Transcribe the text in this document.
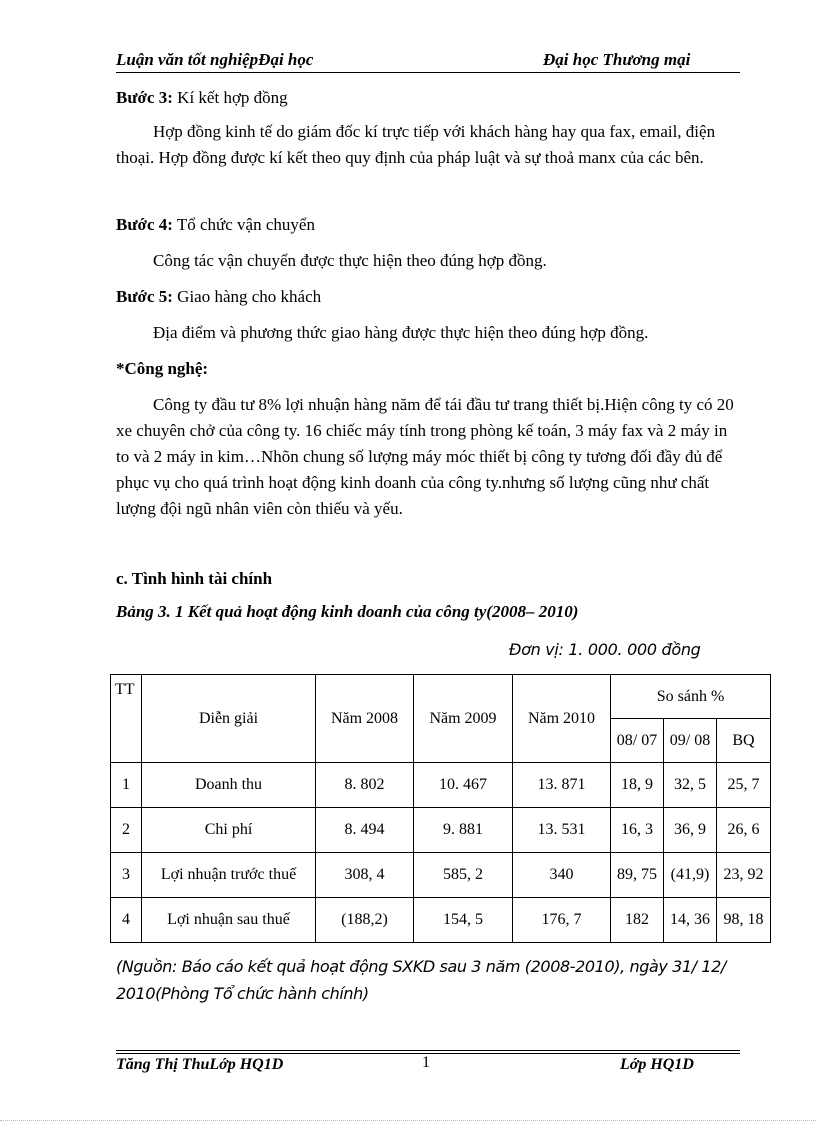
Luận văn tốt nghiệpĐại học	Đại học Thương mại

Bước 3: Kí kết hợp đồng

Hợp đồng kinh tế do giám đốc kí trực tiếp với khách hàng hay qua fax, email, điện thoại. Hợp đồng được kí kết theo quy định của pháp luật và sự thoả manx của các bên.

Bước 4: Tổ chức vận chuyển

Công tác vận chuyển được thực hiện theo đúng hợp đồng.

Bước 5: Giao hàng cho khách

Địa điểm và phương thức giao hàng được thực hiện theo đúng hợp đồng.

*Công nghệ:

Công ty đầu tư 8% lợi nhuận hàng năm để tái đầu tư trang thiết bị.Hiện công ty có 20 xe chuyên chở của công ty. 16 chiếc máy tính trong phòng kế toán, 3 máy fax và 2 máy in to và 2 máy in kim…Nhõn chung số lượng máy móc thiết bị công ty tương đối đầy đủ để phục vụ cho quá trình hoạt động kinh doanh của công ty.nhưng số lượng cũng như chất lượng đội ngũ nhân viên còn thiếu và yếu.

c. Tình hình tài chính

Bảng 3. 1 Kết quả hoạt động kinh doanh của công ty(2008– 2010)
Đơn vị: 1. 000. 000 đồng
TT	Diễn giải	Năm 2008	Năm 2009	Năm 2010	So sánh %		
					08/ 07	09/ 08	BQ
1	Doanh thu	8. 802	10. 467	13. 871	18, 9	32, 5	25, 7
2	Chi phí	8. 494	9. 881	13. 531	16, 3	36, 9	26, 6
3	Lợi nhuận trước thuế	308, 4	585, 2	340	89, 75	(41,9)	23, 92
4	Lợi nhuận sau thuế	(188,2)	154, 5	176, 7	182	14, 36	98, 18
(Nguồn: Báo cáo kết quả hoạt động SXKD sau 3 năm (2008-2010), ngày 31/ 12/ 2010(Phòng Tổ chức hành chính)
Tăng Thị ThuLớp HQ1D	1	Lớp HQ1D
